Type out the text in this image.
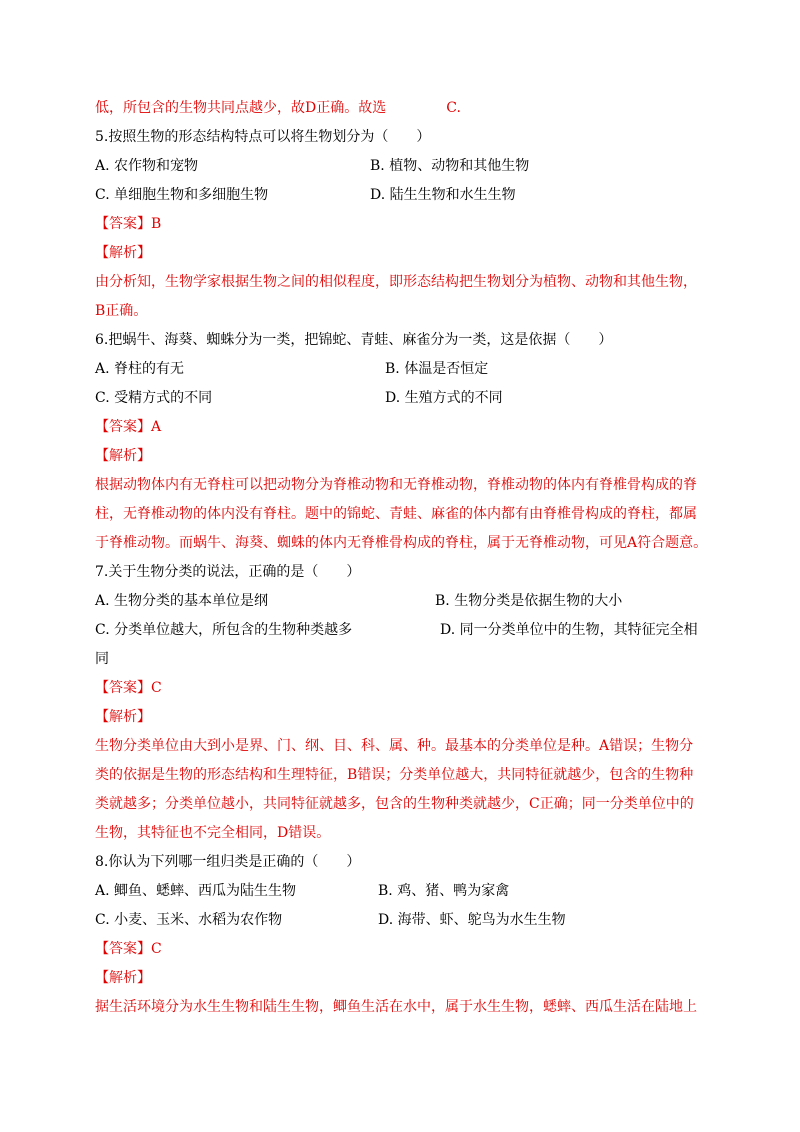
低，所包含的生物共同点越少，故D正确。故选	C.
5.按照生物的形态结构特点可以将生物划分为（　　）
A. 农作物和宠物	B. 植物、动物和其他生物
C. 单细胞生物和多细胞生物	D. 陆生生物和水生生物
【答案】B
【解析】
由分析知，生物学家根据生物之间的相似程度，即形态结构把生物划分为植物、动物和其他生物，
B正确。
6.把蜗牛、海葵、蜘蛛分为一类，把锦蛇、青蛙、麻雀分为一类，这是依据（　　）
A. 脊柱的有无	B. 体温是否恒定
C. 受精方式的不同	D. 生殖方式的不同
【答案】A
【解析】
根据动物体内有无脊柱可以把动物分为脊椎动物和无脊椎动物，脊椎动物的体内有脊椎骨构成的脊
柱，无脊椎动物的体内没有脊柱。题中的锦蛇、青蛙、麻雀的体内都有由脊椎骨构成的脊柱，都属
于脊椎动物。而蜗牛、海葵、蜘蛛的体内无脊椎骨构成的脊柱，属于无脊椎动物，可见A符合题意。
7.关于生物分类的说法，正确的是（　　）
A. 生物分类的基本单位是纲	B. 生物分类是依据生物的大小
C. 分类单位越大，所包含的生物种类越多	D. 同一分类单位中的生物，其特征完全相
同
【答案】C
【解析】
生物分类单位由大到小是界、门、纲、目、科、属、种。最基本的分类单位是种。A错误；生物分
类的依据是生物的形态结构和生理特征，B错误；分类单位越大，共同特征就越少，包含的生物种
类就越多；分类单位越小，共同特征就越多，包含的生物种类就越少，C正确；同一分类单位中的
生物，其特征也不完全相同，D错误。
8.你认为下列哪一组归类是正确的（　　）
A. 鲫鱼、蟋蟀、西瓜为陆生生物	B. 鸡、猪、鸭为家禽
C. 小麦、玉米、水稻为农作物	D. 海带、虾、鸵鸟为水生生物
【答案】C
【解析】
据生活环境分为水生生物和陆生生物，鲫鱼生活在水中，属于水生生物，蟋蟀、西瓜生活在陆地上
